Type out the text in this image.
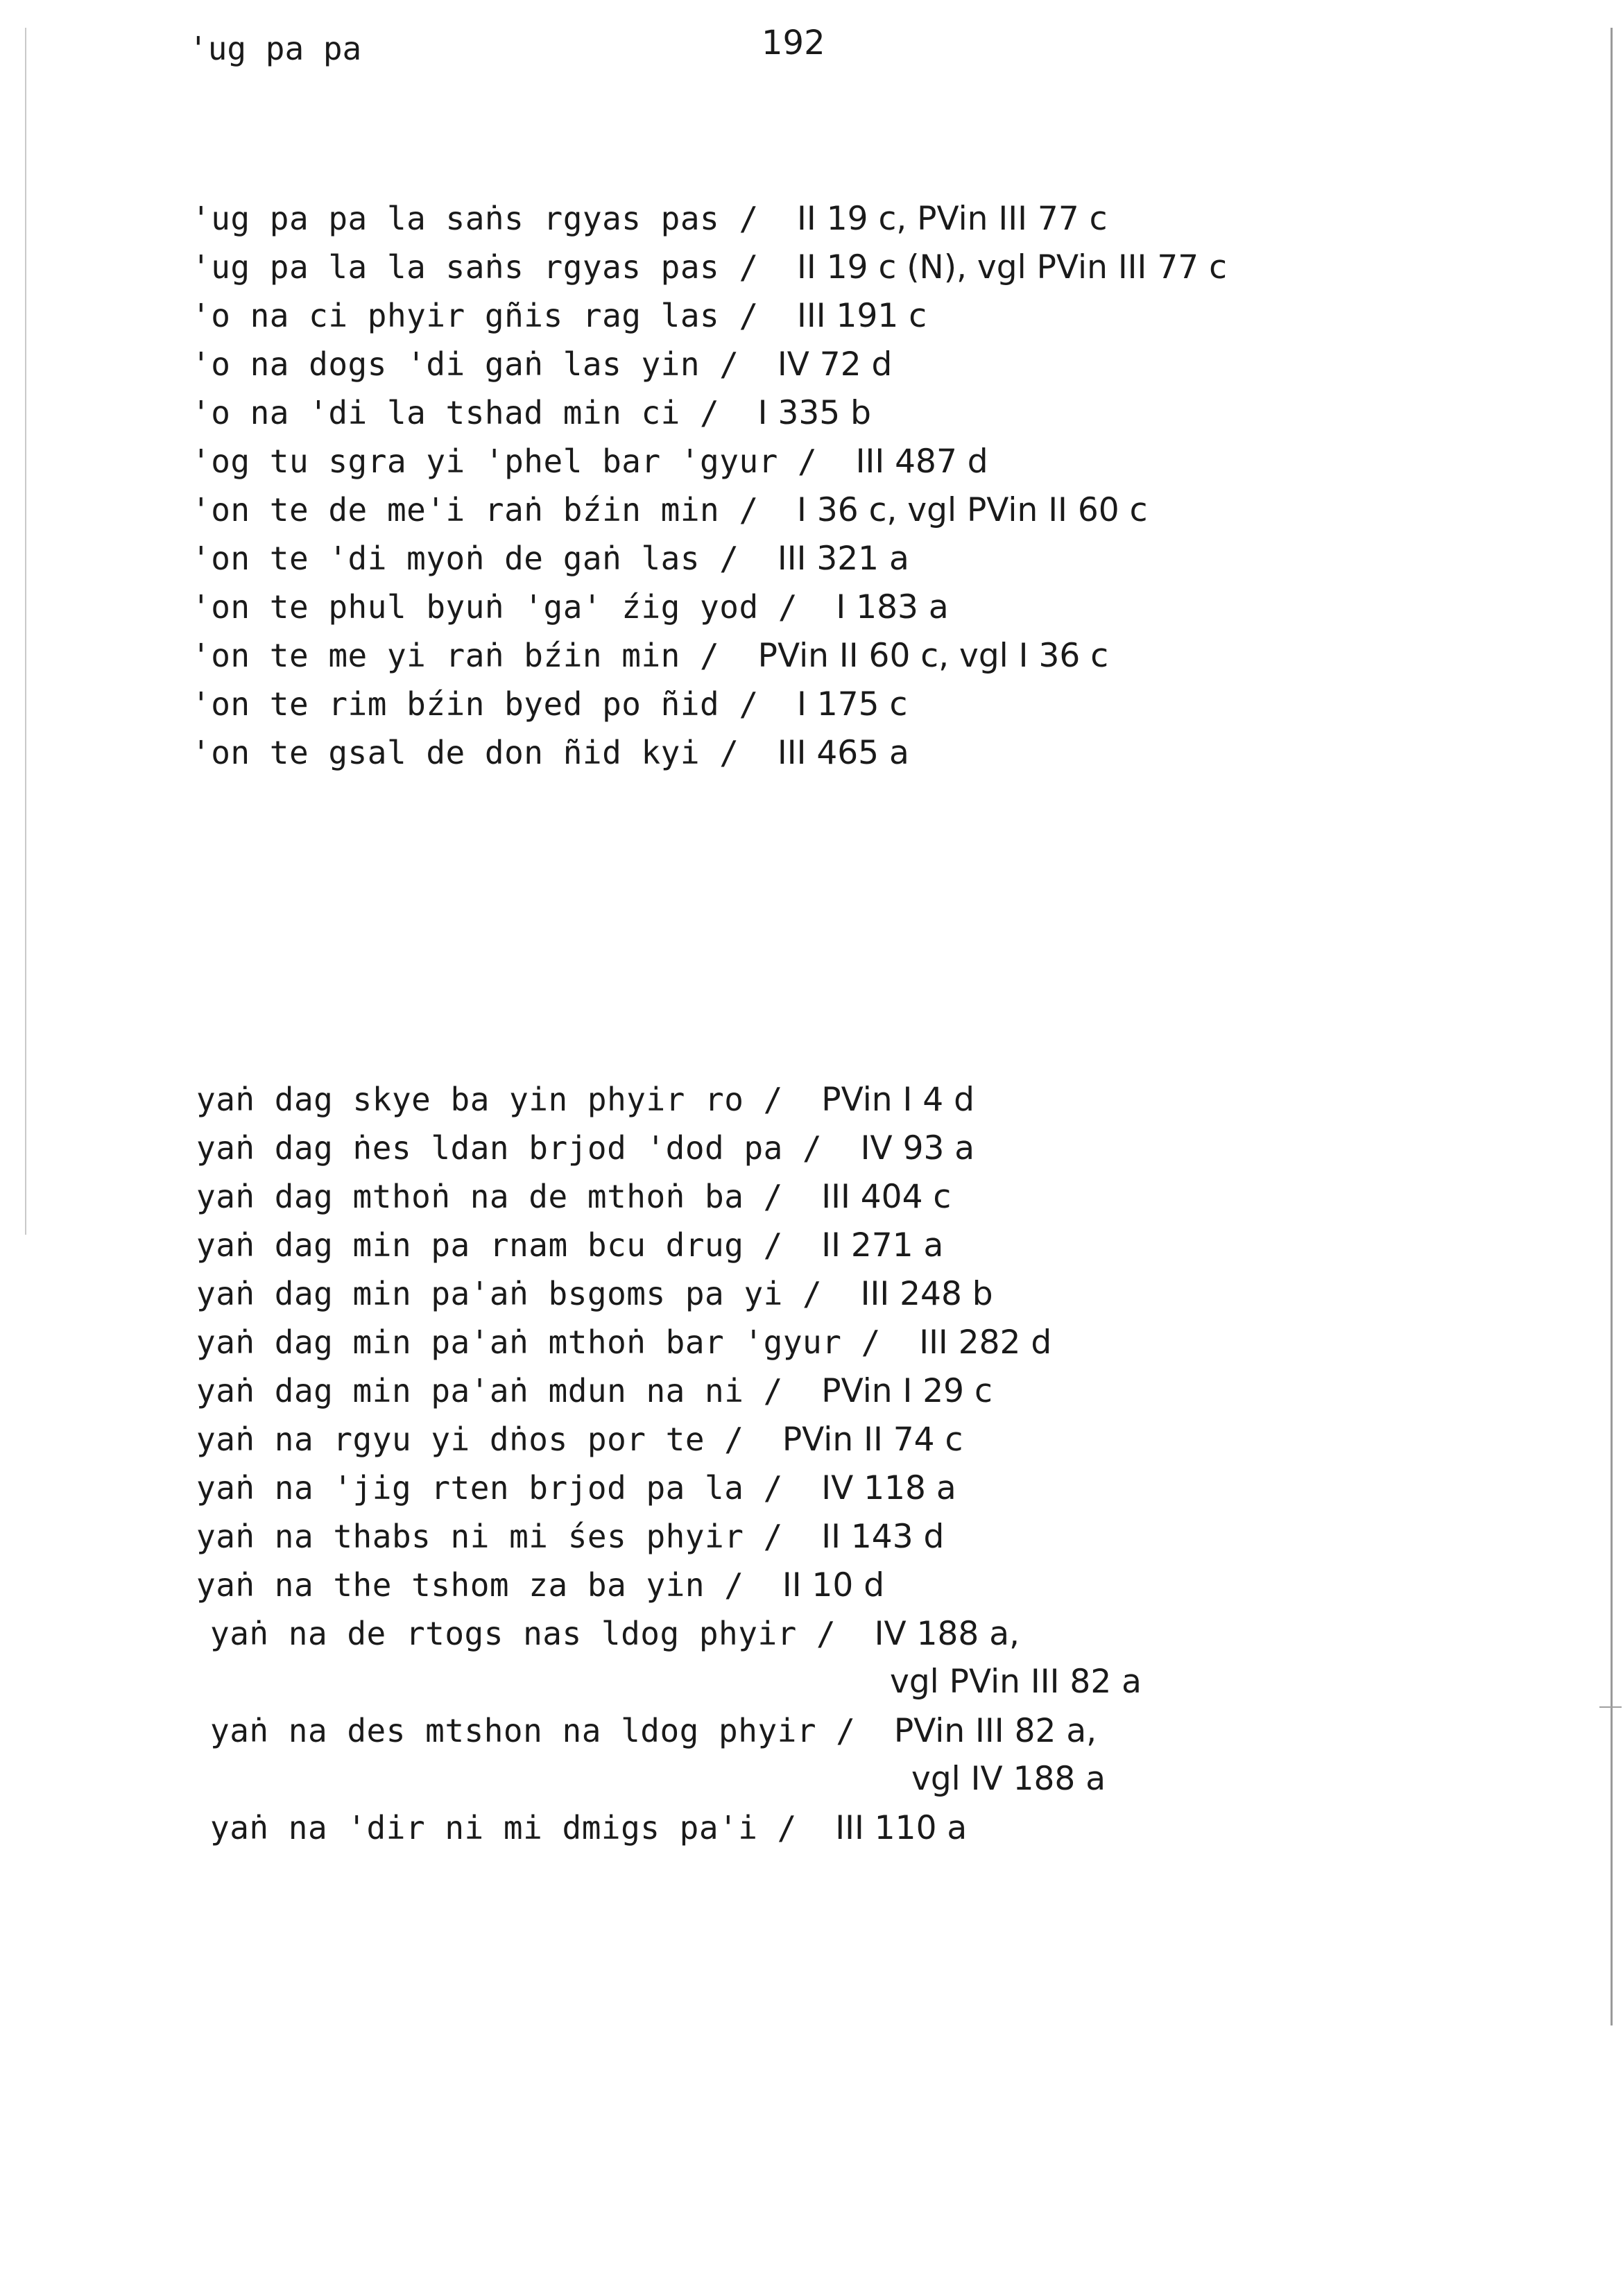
'ug pa pa	192
'ug pa pa la saṅs rgyas pas / II 19 c, PVin III 77 c
'ug pa la la saṅs rgyas pas / II 19 c (N), vgl PVin III 77 c
'o na ci phyir gñis rag las / III 191 c
'o na dogs 'di gaṅ las yin / IV 72 d
'o na 'di la tshad min ci / I 335 b
'og tu sgra yi 'phel bar 'gyur / III 487 d
'on te de me'i raṅ bźin min / I 36 c, vgl PVin II 60 c
'on te 'di myoṅ de gaṅ las / III 321 a
'on te phul byuṅ 'ga' źig yod / I 183 a
'on te me yi raṅ bźin min / PVin II 60 c, vgl I 36 c
'on te rim bźin byed po ñid / I 175 c
'on te gsal de don ñid kyi / III 465 a
yaṅ dag skye ba yin phyir ro / PVin I 4 d
yaṅ dag ṅes ldan brjod 'dod pa / IV 93 a
yaṅ dag mthoṅ na de mthoṅ ba / III 404 c
yaṅ dag min pa rnam bcu drug / II 271 a
yaṅ dag min pa'aṅ bsgoms pa yi / III 248 b
yaṅ dag min pa'aṅ mthoṅ bar 'gyur / III 282 d
yaṅ dag min pa'aṅ mdun na ni / PVin I 29 c
yaṅ na rgyu yi dṅos por te / PVin II 74 c
yaṅ na 'jig rten brjod pa la / IV 118 a
yaṅ na thabs ni mi śes phyir / II 143 d
yaṅ na the tshom za ba yin / II 10 d
yaṅ na de rtogs nas ldog phyir / IV 188 a,
yaṅ na des mtshon na ldog phyir / PVin III 82 a,
yaṅ na 'dir ni mi dmigs pa'i / III 110 a
vgl PVin III 82 a
vgl IV 188 a
